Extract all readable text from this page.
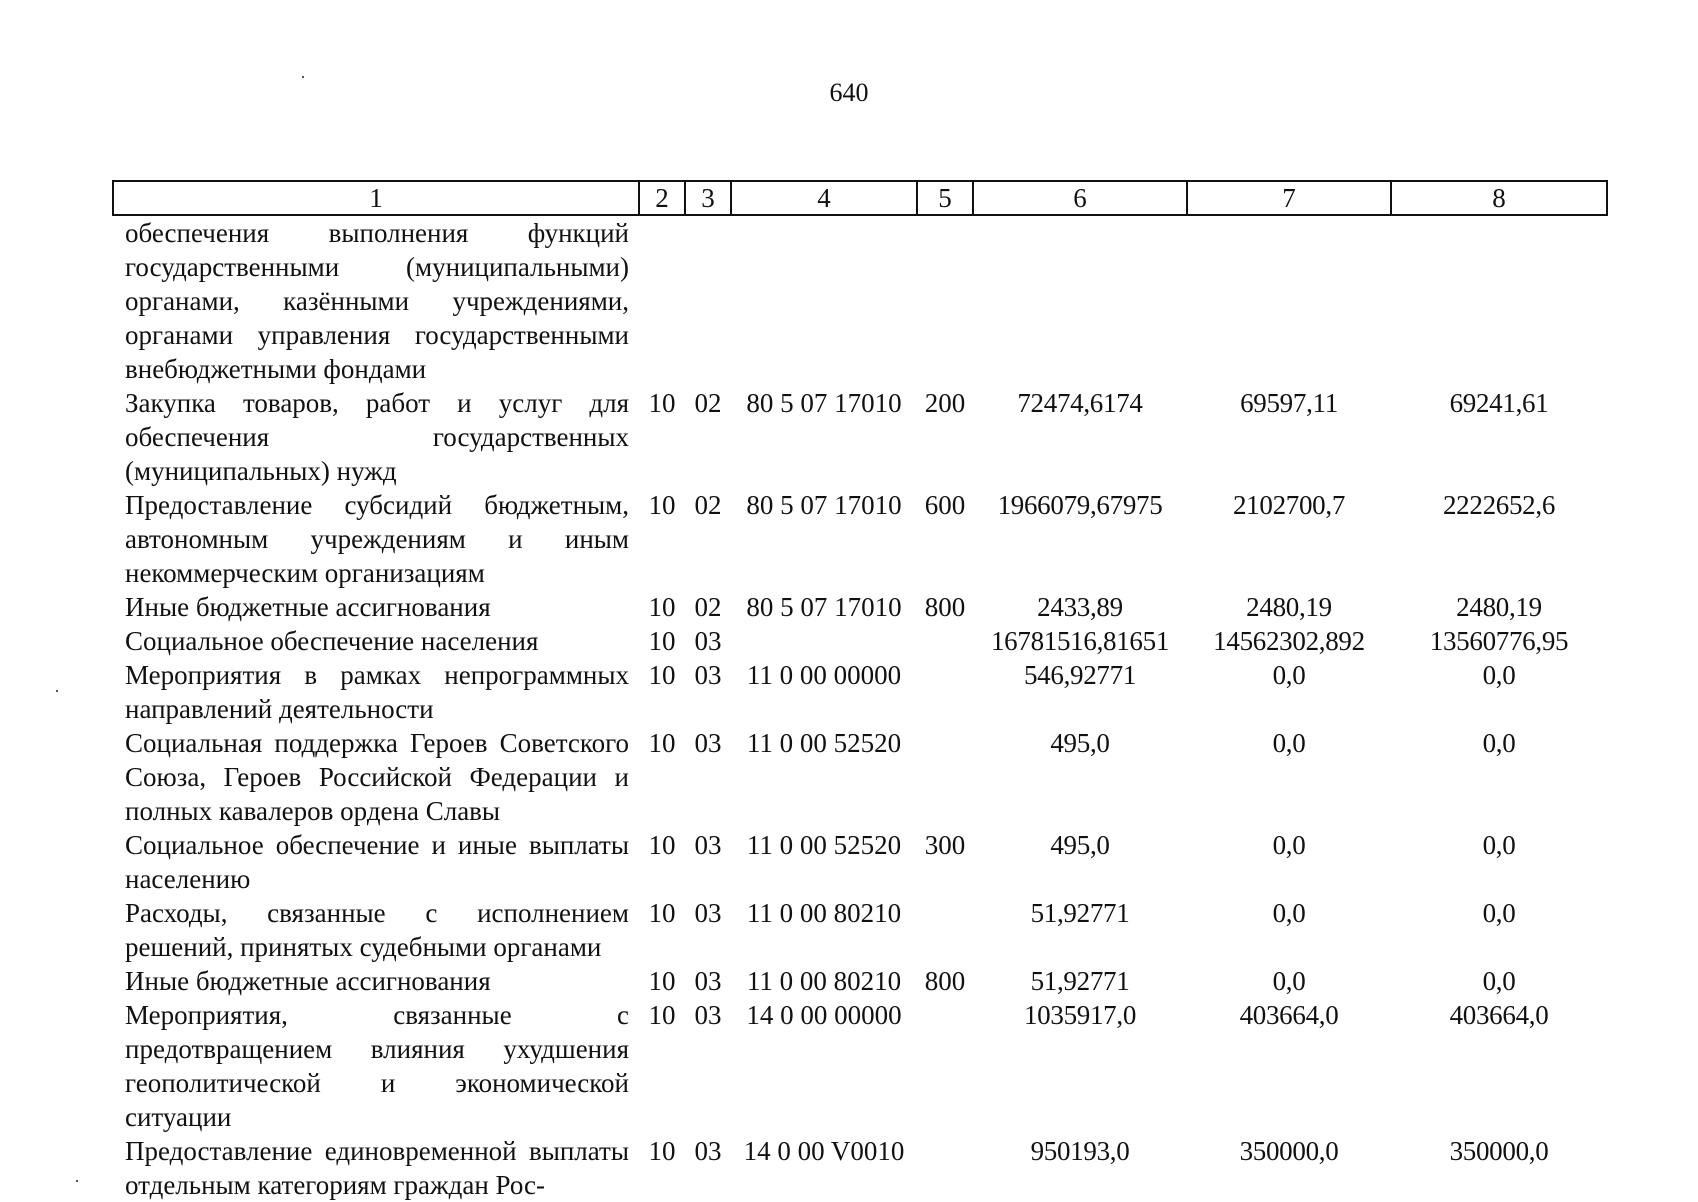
640
1	2	3	4	5	6	7	8
обеспечения выполнения функций государственными (муниципальными) органами, казёнными учреждениями, органами управления государственными внебюджетными фондами							
Закупка товаров, работ и услуг для обеспечения государственных (муниципальных) нужд	10	02	80 5 07 17010	200	72474,6174	69597,11	69241,61
Предоставление субсидий бюджетным, автономным учреждениям и иным некоммерческим организациям	10	02	80 5 07 17010	600	1966079,67975	2102700,7	2222652,6
Иные бюджетные ассигнования	10	02	80 5 07 17010	800	2433,89	2480,19	2480,19
Социальное обеспечение населения	10	03			16781516,81651	14562302,892	13560776,95
Мероприятия в рамках непрограммных направлений деятельности	10	03	11 0 00 00000		546,92771	0,0	0,0
Социальная поддержка Героев Советского Союза, Героев Российской Федерации и полных кавалеров ордена Славы	10	03	11 0 00 52520		495,0	0,0	0,0
Социальное обеспечение и иные выплаты населению	10	03	11 0 00 52520	300	495,0	0,0	0,0
Расходы, связанные с исполнением решений, принятых судебными органами	10	03	11 0 00 80210		51,92771	0,0	0,0
Иные бюджетные ассигнования	10	03	11 0 00 80210	800	51,92771	0,0	0,0
Мероприятия, связанные с предотвращением влияния ухудшения геополитической и экономической ситуации	10	03	14 0 00 00000		1035917,0	403664,0	403664,0
Предоставление единовременной выплаты отдельным категориям граждан Рос-	10	03	14 0 00 V0010		950193,0	350000,0	350000,0
